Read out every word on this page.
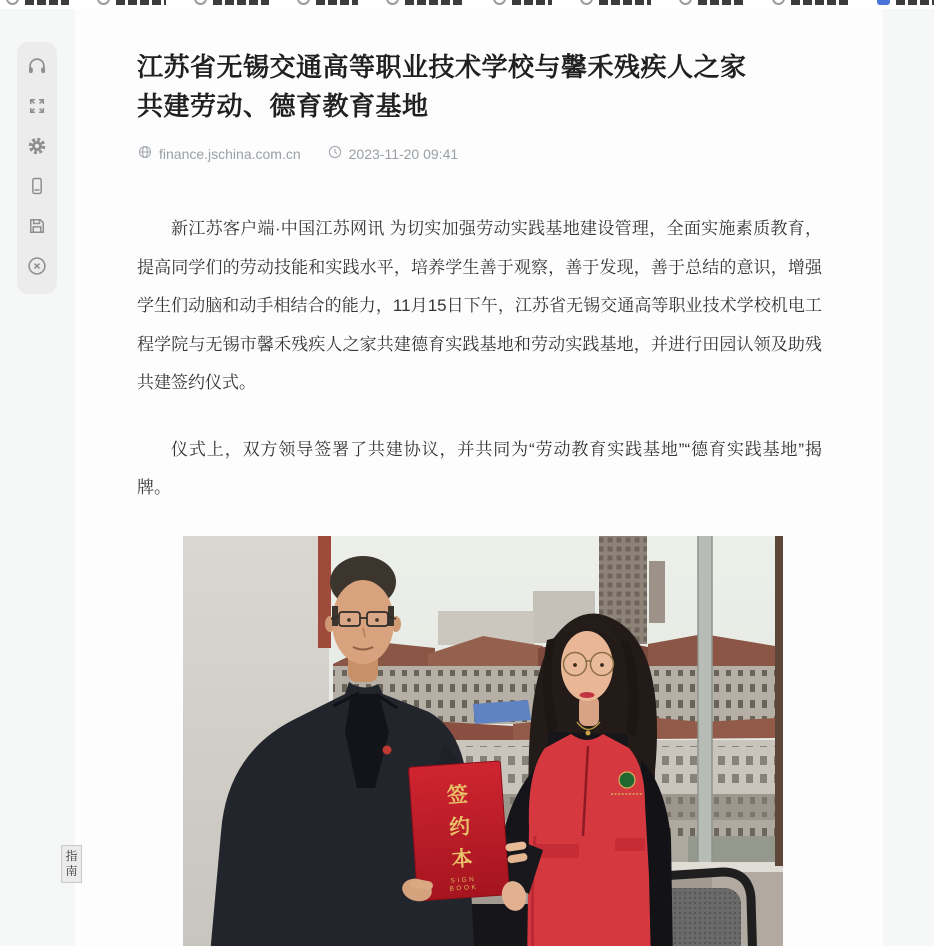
江苏省无锡交通高等职业技术学校与馨禾残疾人之家
共建劳动、德育教育基地
finance.jschina.com.cn	2023-11-20 09:41

新江苏客户端·中国江苏网讯 为切实加强劳动实践基地建设管理，全面实施素质教育，提高同学们的劳动技能和实践水平，培养学生善于观察，善于发现，善于总结的意识，增强学生们动脑和动手相结合的能力，11月15日下午，江苏省无锡交通高等职业技术学校机电工程学院与无锡市馨禾残疾人之家共建德育实践基地和劳动实践基地，并进行田园认领及助残共建签约仪式。

仪式上，双方领导签署了共建协议，并共同为“劳动教育实践基地”“德育实践基地”揭牌。

签
约
本
SIGN
BOOK
指南
